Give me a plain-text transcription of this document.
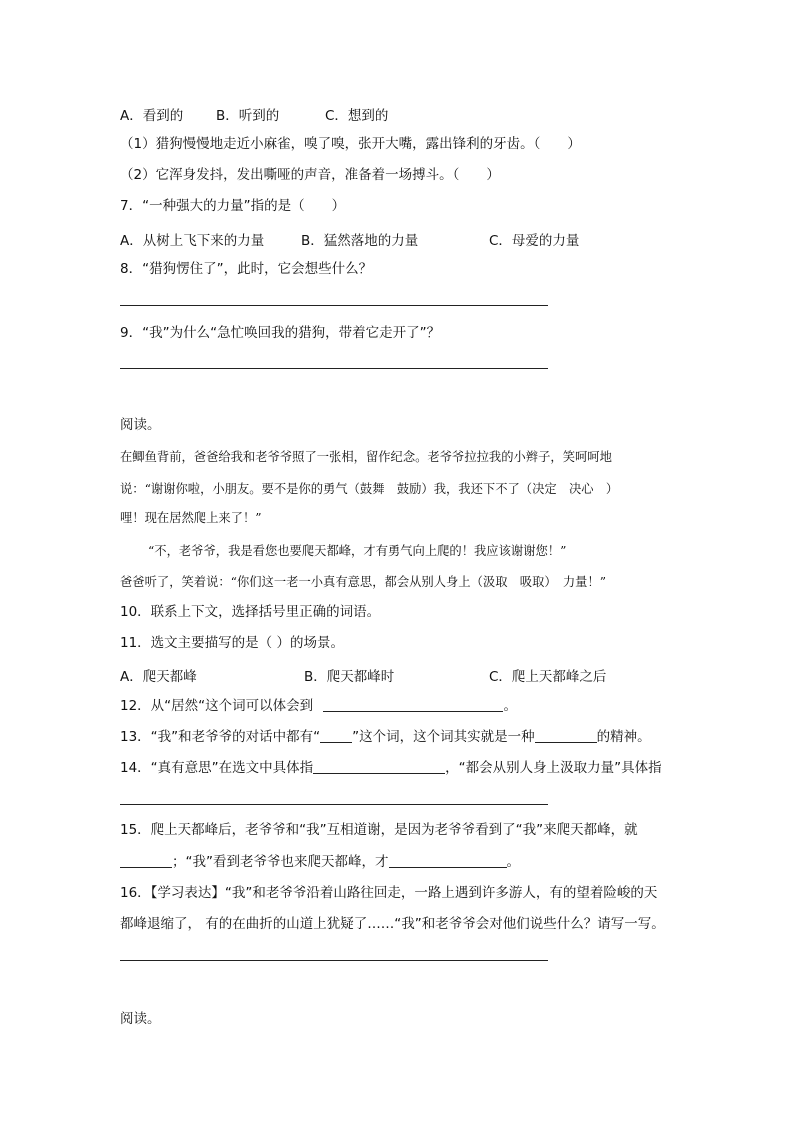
A．看到的 B．听到的	C．想到的
（1）猎狗慢慢地走近小麻雀，嗅了嗅，张开大嘴，露出锋利的牙齿。（　　）
（2）它浑身发抖，发出嘶哑的声音，准备着一场搏斗。（　　）
7．“一种强大的力量”指的是（　　）
A．从树上飞下来的力量	B．猛然落地的力量	C．母爱的力量
8．“猎狗愣住了”，此时，它会想些什么？
9．“我”为什么“急忙唤回我的猎狗，带着它走开了”？
阅读。
在鲫鱼背前，爸爸给我和老爷爷照了一张相，留作纪念。老爷爷拉拉我的小辫子，笑呵呵地
说：“谢谢你啦，小朋友。要不是你的勇气（鼓舞　鼓励）我，我还下不了（决定　决心　）
哩！现在居然爬上来了！”
“不，老爷爷，我是看您也要爬天都峰，才有勇气向上爬的！我应该谢谢您！”
爸爸听了，笑着说：“你们这一老一小真有意思，都会从别人身上（汲取　吸取）　力量！”
10．联系上下文，选择括号里正确的词语。
11．选文主要描写的是（ ）的场景。
A．爬天都峰	B．爬天都峰时	C．爬上天都峰之后
12．从“居然“这个词可以体会到	。
13．“我”和老爷爷的对话中都有“ ”这个词，这个词其实就是一种	的精神。
14．“真有意思”在选文中具体指	，“都会从别人身上汲取力量”具体指
15．爬上天都峰后，老爷爷和“我”互相道谢，是因为老爷爷看到了“我”来爬天都峰，就
；“我”看到老爷爷也来爬天都峰，才	。
16．【学习表达】“我”和老爷爷沿着山路往回走，一路上遇到许多游人，有的望着险峻的天
都峰退缩了， 有的在曲折的山道上犹疑了……“我”和老爷爷会对他们说些什么？请写一写。
阅读。
